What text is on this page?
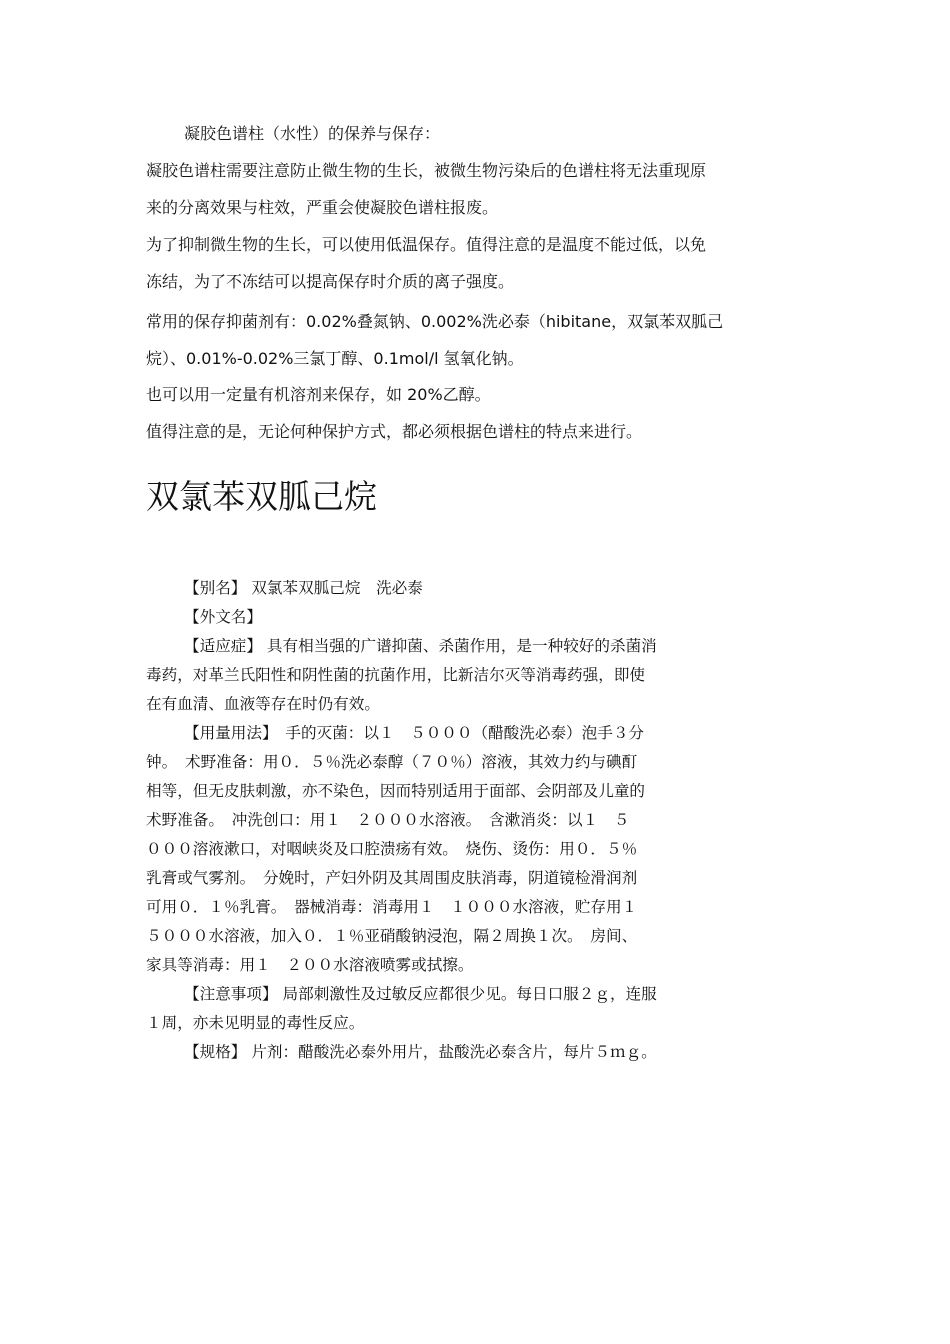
凝胶色谱柱（水性）的保养与保存：

凝胶色谱柱需要注意防止微生物的生长，被微生物污染后的色谱柱将无法重现原

来的分离效果与柱效，严重会使凝胶色谱柱报废。

为了抑制微生物的生长，可以使用低温保存。值得注意的是温度不能过低，以免

冻结，为了不冻结可以提高保存时介质的离子强度。

常用的保存抑菌剂有：0.02%叠氮钠、0.002%洗必泰（hibitane，双氯苯双胍己

烷）、0.01%-0.02%三氯丁醇、0.1mol/l 氢氧化钠。

也可以用一定量有机溶剂来保存，如 20%乙醇。

值得注意的是，无论何种保护方式，都必须根据色谱柱的特点来进行。

双氯苯双胍己烷

【别名】 双氯苯双胍己烷　洗必泰

【外文名】

【适应症】 具有相当强的广谱抑菌、杀菌作用，是一种较好的杀菌消

毒药，对革兰氏阳性和阴性菌的抗菌作用，比新洁尔灭等消毒药强，即使

在有血清、血液等存在时仍有效。

【用量用法】　手的灭菌：以１　５０００（醋酸洗必泰）泡手３分

钟。　术野准备：用０．５％洗必泰醇（７０％）溶液，其效力约与碘酊

相等，但无皮肤刺激，亦不染色，因而特别适用于面部、会阴部及儿童的

术野准备。　冲洗创口：用１　２０００水溶液。　含漱消炎：以１　５

０００溶液漱口，对咽峡炎及口腔溃疡有效。　烧伤、烫伤：用０．５％

乳膏或气雾剂。　分娩时，产妇外阴及其周围皮肤消毒，阴道镜检滑润剂

可用０．１％乳膏。　器械消毒：消毒用１　１０００水溶液，贮存用１

５０００水溶液，加入０．１％亚硝酸钠浸泡，隔２周换１次。　房间、

家具等消毒：用１　２００水溶液喷雾或拭擦。

【注意事项】 局部刺激性及过敏反应都很少见。每日口服２ｇ，连服

１周，亦未见明显的毒性反应。

【规格】 片剂：醋酸洗必泰外用片，盐酸洗必泰含片，每片５ｍｇ。
